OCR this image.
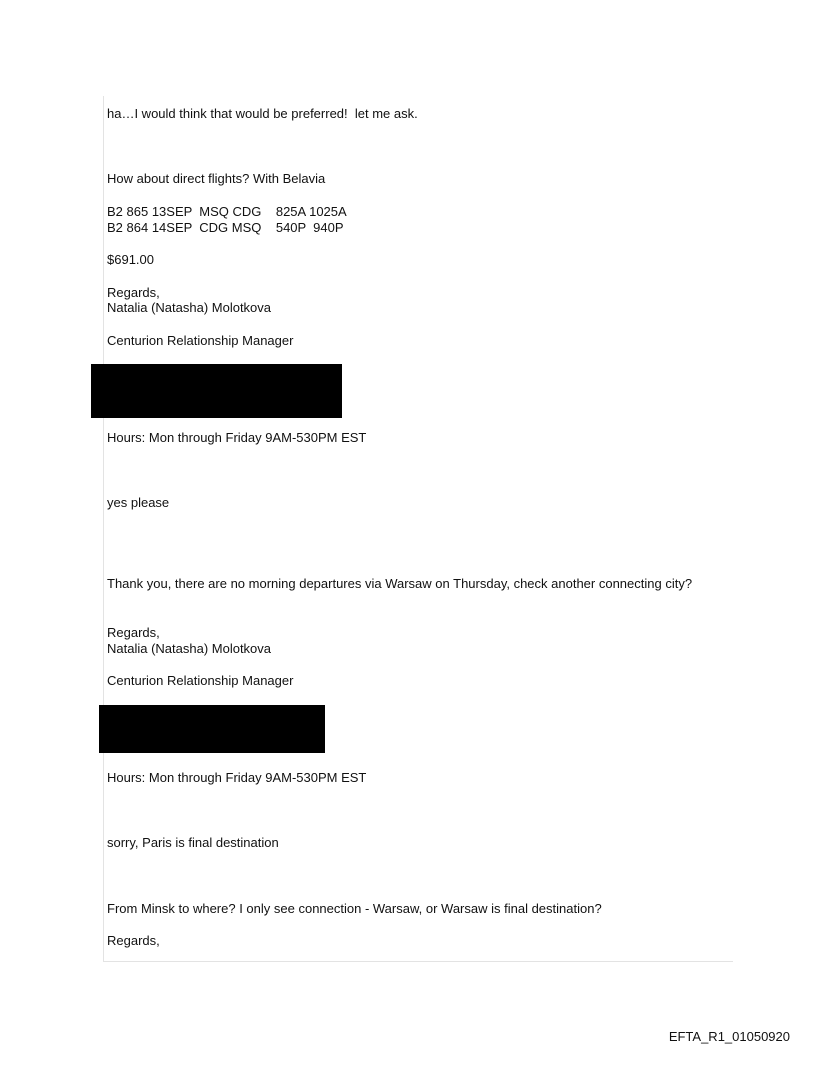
ha…I would think that would be preferred!  let me ask.
How about direct flights? With Belavia
B2 865 13SEP  MSQ CDG    825A 1025A
B2 864 14SEP  CDG MSQ    540P  940P
$691.00
Regards,
Natalia (Natasha) Molotkova
Centurion Relationship Manager
Hours: Mon through Friday 9AM-530PM EST
yes please
Thank you, there are no morning departures via Warsaw on Thursday, check another connecting city?
Regards,
Natalia (Natasha) Molotkova
Centurion Relationship Manager
Hours: Mon through Friday 9AM-530PM EST
sorry, Paris is final destination
From Minsk to where? I only see connection - Warsaw, or Warsaw is final destination?
Regards,
EFTA_R1_01050920
